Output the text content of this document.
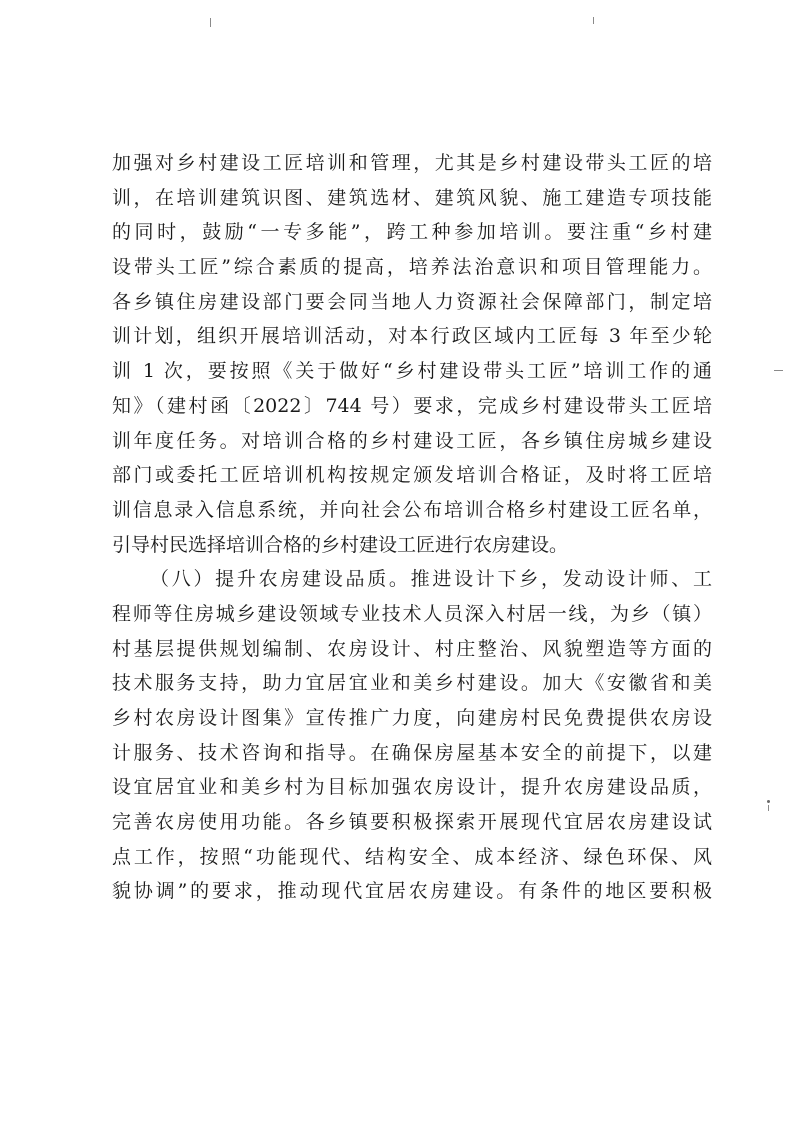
加强对乡村建设工匠培训和管理，尤其是乡村建设带头工匠的培
训，在培训建筑识图、建筑选材、建筑风貌、施工建造专项技能
的同时，鼓励“一专多能”，跨工种参加培训。要注重“乡村建
设带头工匠”综合素质的提高，培养法治意识和项目管理能力。
各乡镇住房建设部门要会同当地人力资源社会保障部门，制定培
训计划，组织开展培训活动，对本行政区域内工匠每 3 年至少轮
训 1 次，要按照《关于做好“乡村建设带头工匠”培训工作的通
知》（建村函〔2022〕744 号）要求，完成乡村建设带头工匠培
训年度任务。对培训合格的乡村建设工匠，各乡镇住房城乡建设
部门或委托工匠培训机构按规定颁发培训合格证，及时将工匠培
训信息录入信息系统，并向社会公布培训合格乡村建设工匠名单，
引导村民选择培训合格的乡村建设工匠进行农房建设。
（八）提升农房建设品质。推进设计下乡，发动设计师、工
程师等住房城乡建设领域专业技术人员深入村居一线，为乡（镇）
村基层提供规划编制、农房设计、村庄整治、风貌塑造等方面的
技术服务支持，助力宜居宜业和美乡村建设。加大《安徽省和美
乡村农房设计图集》宣传推广力度，向建房村民免费提供农房设
计服务、技术咨询和指导。在确保房屋基本安全的前提下，以建
设宜居宜业和美乡村为目标加强农房设计，提升农房建设品质，
完善农房使用功能。各乡镇要积极探索开展现代宜居农房建设试
点工作，按照“功能现代、结构安全、成本经济、绿色环保、风
貌协调”的要求，推动现代宜居农房建设。有条件的地区要积极
